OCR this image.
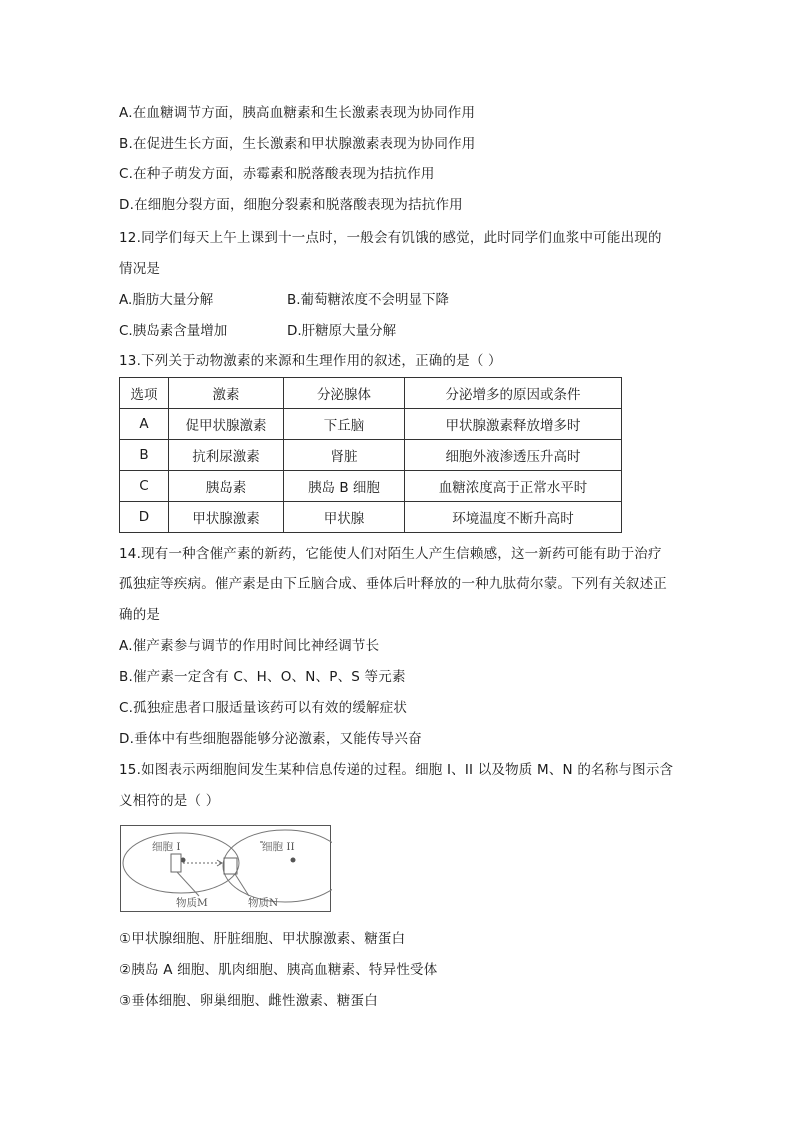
A.在血糖调节方面，胰高血糖素和生长激素表现为协同作用
B.在促进生长方面，生长激素和甲状腺激素表现为协同作用
C.在种子萌发方面，赤霉素和脱落酸表现为拮抗作用
D.在细胞分裂方面，细胞分裂素和脱落酸表现为拮抗作用
12.同学们每天上午上课到十一点时，一般会有饥饿的感觉，此时同学们血浆中可能出现的
情况是
A.脂肪大量分解	B.葡萄糖浓度不会明显下降
C.胰岛素含量增加	D.肝糖原大量分解
13.下列关于动物激素的来源和生理作用的叙述，正确的是（ ）
选项	激素	分泌腺体	分泌增多的原因或条件
A	促甲状腺激素	下丘脑	甲状腺激素释放增多时
B	抗利尿激素	肾脏	细胞外液渗透压升高时
C	胰岛素	胰岛 B 细胞	血糖浓度高于正常水平时
D	甲状腺激素	甲状腺	环境温度不断升高时
14.现有一种含催产素的新药，它能使人们对陌生人产生信赖感，这一新药可能有助于治疗
孤独症等疾病。催产素是由下丘脑合成、垂体后叶释放的一种九肽荷尔蒙。下列有关叙述正
确的是
A.催产素参与调节的作用时间比神经调节长
B.催产素一定含有 C、H、O、N、P、S 等元素
C.孤独症患者口服适量该药可以有效的缓解症状
D.垂体中有些细胞器能够分泌激素，又能传导兴奋
15.如图表示两细胞间发生某种信息传递的过程。细胞 I、II 以及物质 M、N 的名称与图示含
义相符的是（ ）
细胞 I	细胞 II
物质M	物质N
①甲状腺细胞、肝脏细胞、甲状腺激素、糖蛋白
②胰岛 A 细胞、肌肉细胞、胰高血糖素、特异性受体
③垂体细胞、卵巢细胞、雌性激素、糖蛋白
